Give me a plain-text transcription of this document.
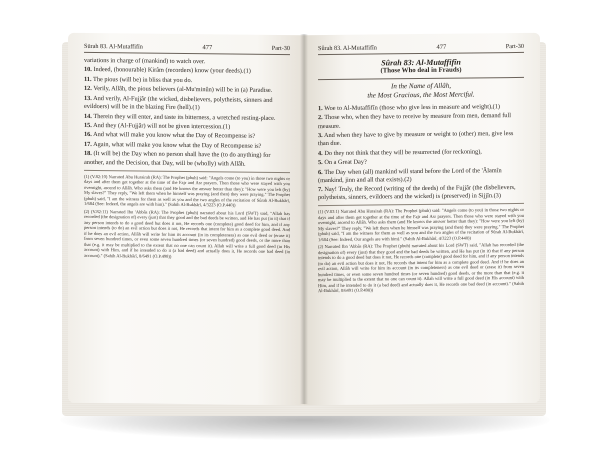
Sūrah 83. Al-Mutaffifīn	477	Part-30

variations in charge of (mankind) to watch over.

10. Indeed, (honourable) Kirâm (recorders) know (your deeds).(1)

11. The pious (will be) in bliss that you do.

12. Verily, Allâh, the pious believers (al-Mu'minûn) will be in (a) Paradise.

13. And verily, Al-Fujjâr (the wicked, disbelievers, polytheists, sinners and evildoers) will be in the blazing Fire (hell).(1)

14. Therein they will enter, and taste its bitterness, a wretched resting-place.

15. And they (Al-Fujjâr) will not be given intercession.(1)

16. And what will make you know what the Day of Recompense is?

17. Again, what will make you know what the Day of Recompense is?

18. (It will be) the Day when no person shall have the (to do anything) for another, and the Decision, that Day, will be (wholly) with Allâh.

(1) (V.82:10) Narrated Abu Hurairah (RA): The Prophet (pbuh) said: "Angels come (to you) in those two nights or days and after them get together at the time of the Fajr and Asr prayers. Then those who were stayed with you overnight, ascend to Allâh. Who asks them (and He knows the answer better than they): "How were you left (by) My slaves?" They reply, "We left them when he himself was praying (and then) they were praying." The Prophet (pbuh) said, "I am the witness for them as well as you and the two angles of the recitation of Sûrah Al-Bukhârî, 1/684 (See: Indeed, the angels are with him)." (Sahih Al-Bukhârî, 4/3223 (O.P.440))

(2) (V.82:11) Narrated Ibn 'Abbâs (RA): The Prophet (pbuh) narrated about his Lord (SWT) said, "Allah has recorded (the designation of) every (just) that they good and the bad deeds be written, and He has put (in it) that if any person intends to do a good deed but does it not, He records one (complete) good deed for him, and if any person intends (to do) an evil action but does it not, He records that intent for him as a complete good deed. And if he does an evil action, Allâh will write for him its account (in its completeness) as one evil deed or (erase it) from seven hundred times, or even some seven hundred times (or seven hundred) good deeds, or the more than that (e.g. it may be multiplied to the extent that no one can count it). Allah will write a full good deed (in His account) with Him, and if he intended to do it (a bad deed) and actually does it, He records one bad deed (in account)." (Sahih Al-Bukhârî, 8/6491 (O.P.498))

Sûrah 83. Al-Mutaffifîn	477	Part-30
Sûrah 83: Al-Mutaffifîn
(Those Who deal in Frauds)
In the Name of Allâh,
the Most Gracious, the Most Merciful.

1. Woe to Al-Mutaffifîn (those who give less in measure and weight),(1)

2. Those who, when they have to receive by measure from men, demand full measure.

3. And when they have to give by measure or weight to (other) men, give less than due.

4. Do they not think that they will be resurrected (for reckoning),

5. On a Great Day?

6. The Day when (all) mankind will stand before the Lord of the 'Âlamîn (mankind, jinn and all that exists).(2)

7. Nay! Truly, the Record (writing of the deeds) of the Fujjâr (the disbelievers, polytheists, sinners, evildoers and the wicked) is (preserved) in Sijjîn.(3)

(1) (V.83:1) Narrated Abu Hurairah (RA): The Prophet (pbuh) said: "Angels come (to you) in those two nights or days and after them get together at the time of the Fajr and Asr prayers. Then those who were stayed with you overnight, ascend to Allâh. Who asks them (and He knows the answer better than they): "How were you left (by) My slaves?" They reply, "We left them when he himself was praying (and then) they were praying." The Prophet (pbuh) said, "I am the witness for them as well as you and the two angles of the recitation of Sûrah Al-Bukhârî, 1/684 (See: Indeed, Our angels are with him)." (Sahih Al-Bukhârî, 4/3223 (O.P.440))

(2) Narrated Ibn 'Abbâs (RA): The Prophet (pbuh) narrated about his Lord (SWT) said, "Allah has recorded (the designation of) every (just) that they good and the bad deeds be written, and He has put (in it) that if any person intends to do a good deed but does it not, He records one (complete) good deed for him, and if any person intends (to do) an evil action but does it not, He records that intent for him as a complete good deed. And if he does an evil action, Allâh will write for him its account (in its completeness) as one evil deed or (erase it) from seven hundred times, or even some seven hundred times (or seven hundred) good deeds, or the more than that (e.g. it may be multiplied to the extent that no one can count it). Allah will write a full good deed (in His account) with Him, and if he intended to do it (a bad deed) and actually does it, He records one bad deed (in account)." (Sahih Al-Bukhârî, 8/6491 (O.P.498))
